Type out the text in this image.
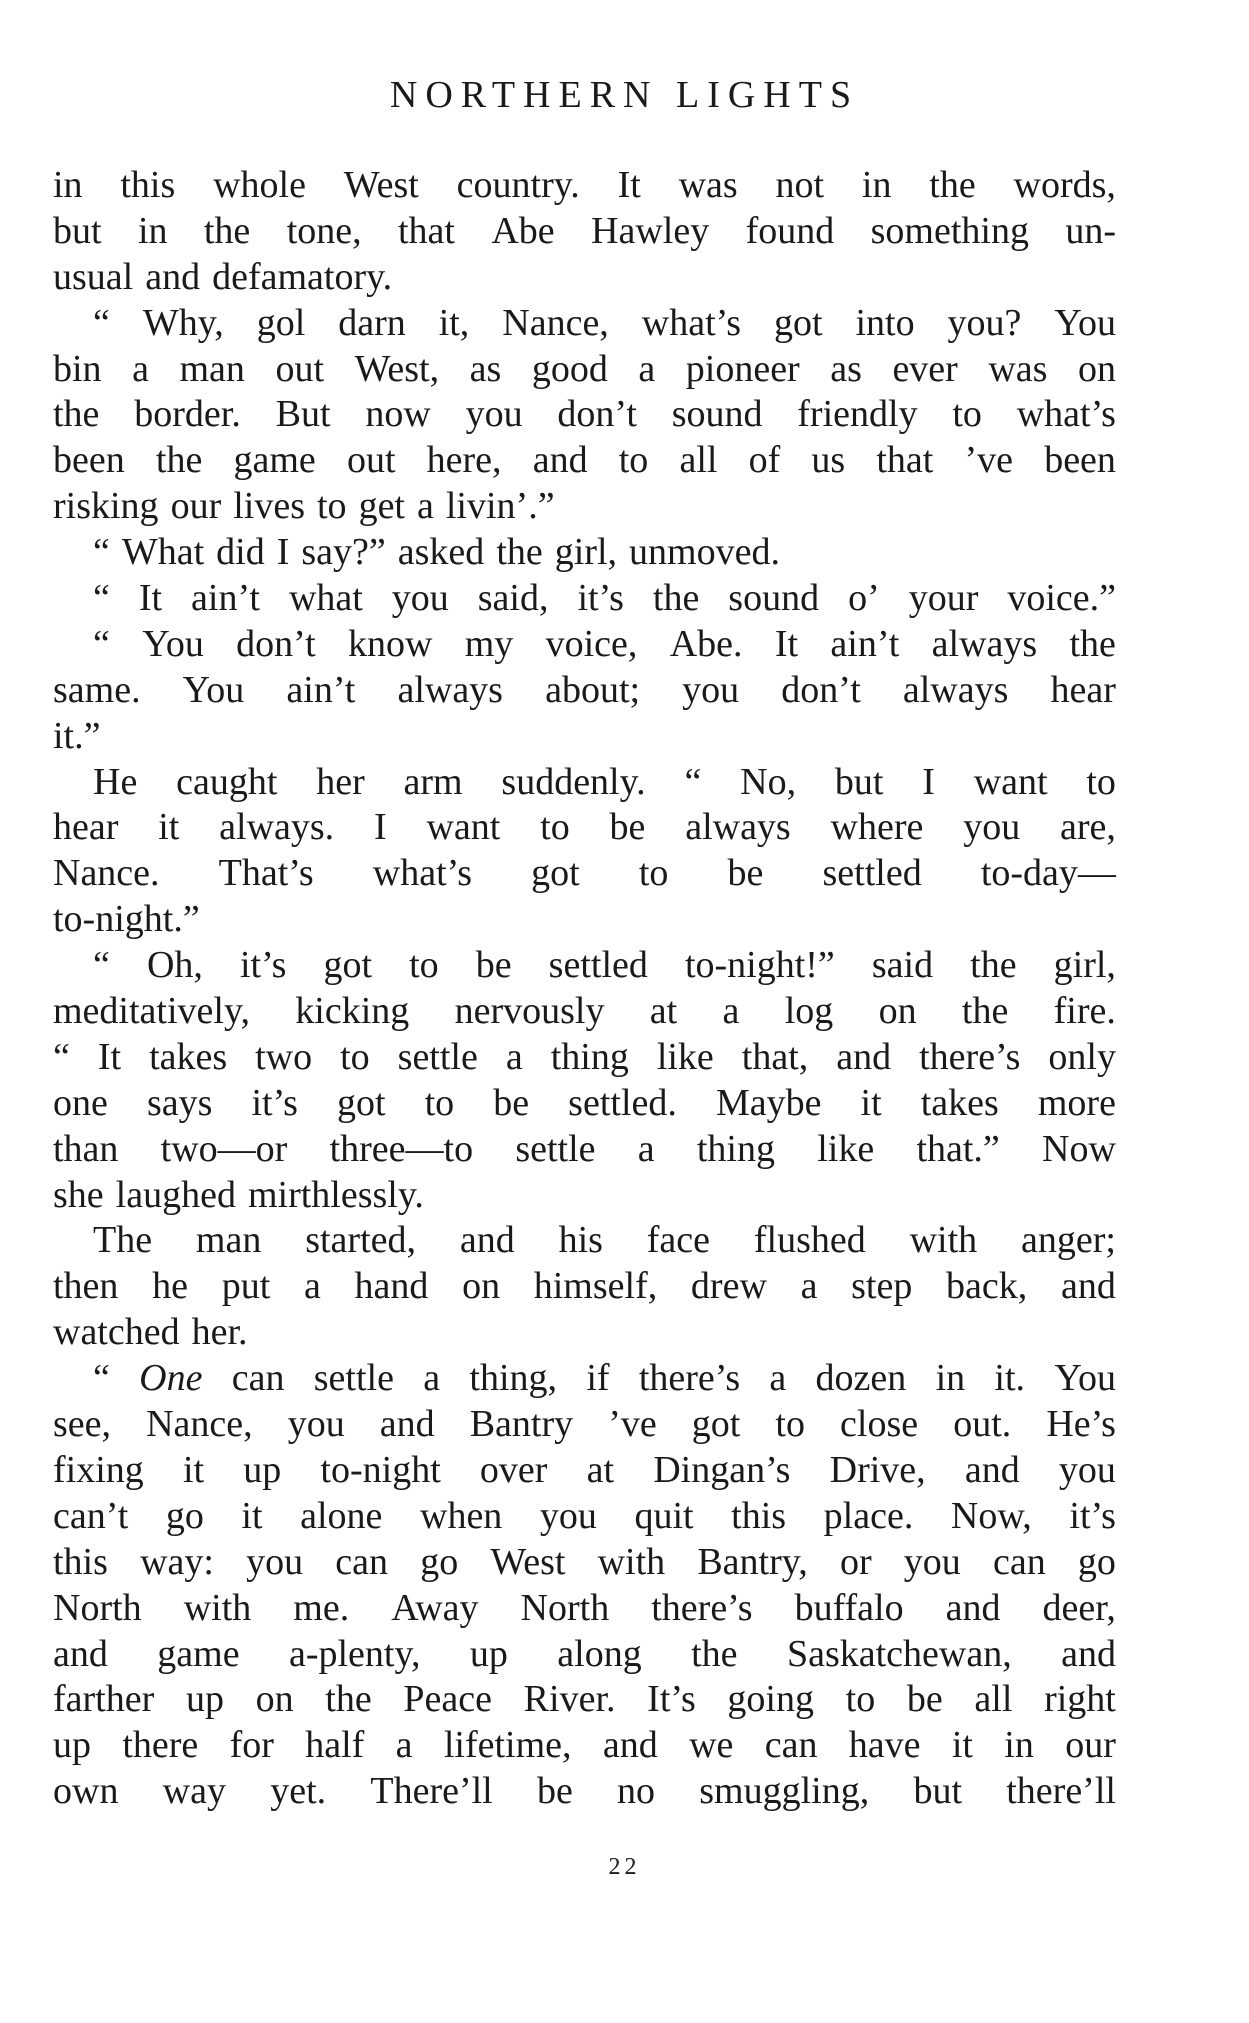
NORTHERN LIGHTS
in this whole West country. It was not in the words,
but in the tone, that Abe Hawley found something un-
usual and defamatory.
“ Why, gol darn it, Nance, what’s got into you? You
bin a man out West, as good a pioneer as ever was on
the border. But now you don’t sound friendly to what’s
been the game out here, and to all of us that ’ve been
risking our lives to get a livin’.”
“ What did I say?” asked the girl, unmoved.
“ It ain’t what you said, it’s the sound o’ your voice.”
“ You don’t know my voice, Abe. It ain’t always the
same. You ain’t always about; you don’t always hear
it.”
He caught her arm suddenly. “ No, but I want to
hear it always. I want to be always where you are,
Nance. That’s what’s got to be settled to-day—
to-night.”
“ Oh, it’s got to be settled to-night!” said the girl,
meditatively, kicking nervously at a log on the fire.
“ It takes two to settle a thing like that, and there’s only
one says it’s got to be settled. Maybe it takes more
than two—or three—to settle a thing like that.” Now
she laughed mirthlessly.
The man started, and his face flushed with anger;
then he put a hand on himself, drew a step back, and
watched her.
“ One can settle a thing, if there’s a dozen in it. You
see, Nance, you and Bantry ’ve got to close out. He’s
fixing it up to-night over at Dingan’s Drive, and you
can’t go it alone when you quit this place. Now, it’s
this way: you can go West with Bantry, or you can go
North with me. Away North there’s buffalo and deer,
and game a-plenty, up along the Saskatchewan, and
farther up on the Peace River. It’s going to be all right
up there for half a lifetime, and we can have it in our
own way yet. There’ll be no smuggling, but there’ll
22
